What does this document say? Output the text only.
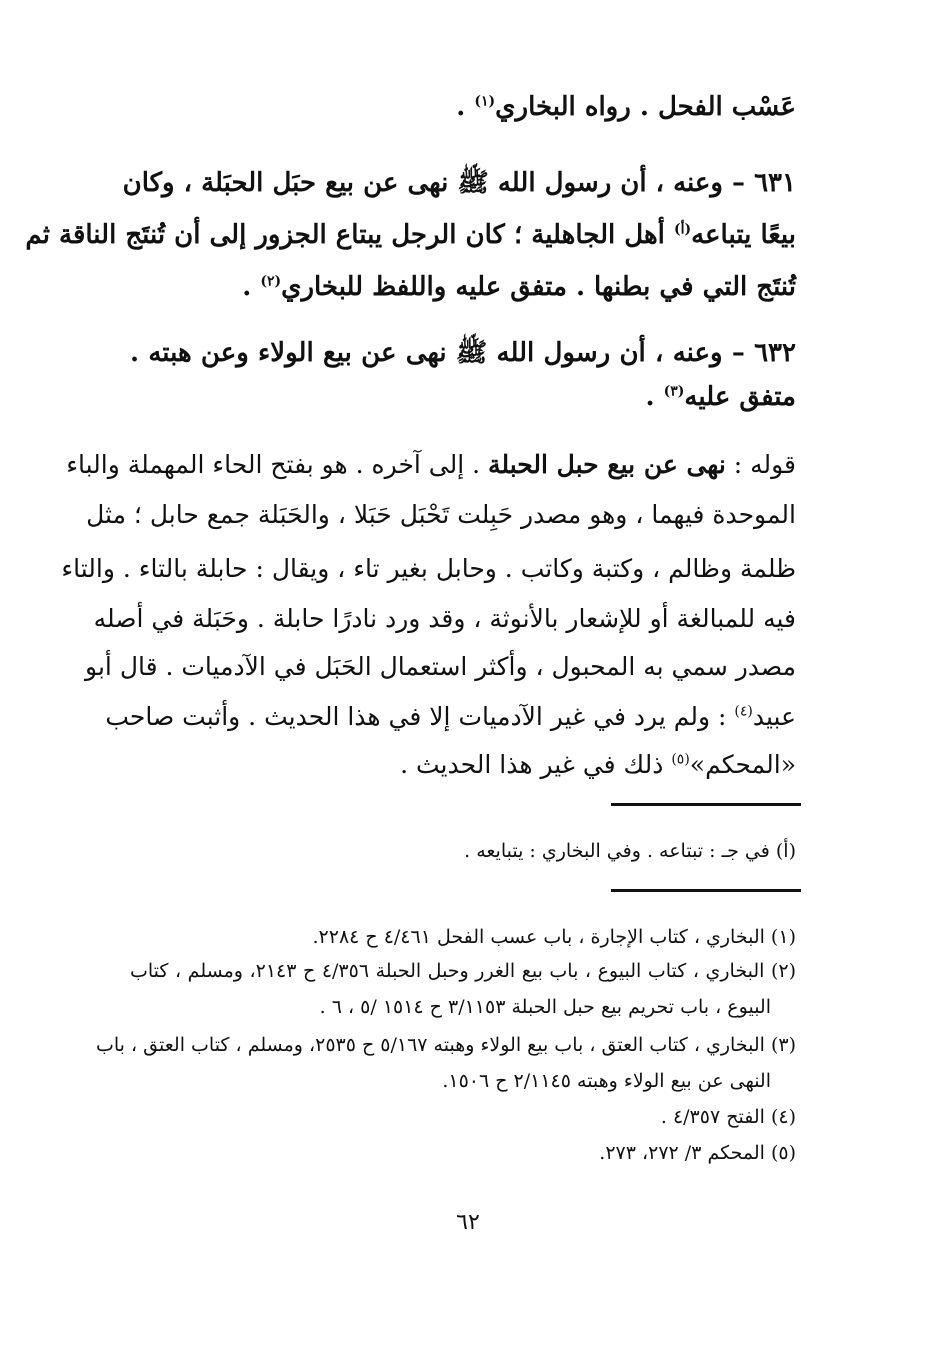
عَسْب الفحل . رواه البخاري$^{(١)}$ .
٦٣١ – وعنه ، أن رسول الله ﷺ نهى عن بيع حبَل الحبَلة ، وكان
بيعًا يتباعه$^{(أ)}$ أهل الجاهلية ؛ كان الرجل يبتاع الجزور إلى أن تُنتَج الناقة ثم
تُنتَج التي في بطنها . متفق عليه واللفظ للبخاري$^{(٢)}$ .
٦٣٢ – وعنه ، أن رسول الله ﷺ نهى عن بيع الولاء وعن هبته .
متفق عليه$^{(٣)}$ .
قوله : نهى عن بيع حبل الحبلة . إلى آخره . هو بفتح الحاء المهملة والباء
الموحدة فيهما ، وهو مصدر حَبِلت تَحْبَل حَبَلا ، والحَبَلة جمع حابل ؛ مثل
ظلمة وظالم ، وكتبة وكاتب . وحابل بغير تاء ، ويقال : حابلة بالتاء . والتاء
فيه للمبالغة أو للإشعار بالأنوثة ، وقد ورد نادرًا حابلة . وحَبَلة في أصله
مصدر سمي به المحبول ، وأكثر استعمال الحَبَل في الآدميات . قال أبو
عبيد$^{(٤)}$ : ولم يرد في غير الآدميات إلا في هذا الحديث . وأثبت صاحب
«المحكم»$^{(٥)}$ ذلك في غير هذا الحديث .
(أ) في جـ : تبتاعه . وفي البخاري : يتبايعه .
(١) البخاري ، كتاب الإجارة ، باب عسب الفحل ٤/٤٦١ ح ٢٢٨٤.
(٢) البخاري ، كتاب البيوع ، باب بيع الغرر وحبل الحبلة ٤/٣٥٦ ح ٢١٤٣، ومسلم ، كتاب
البيوع ، باب تحريم بيع حبل الحبلة ٣/١١٥٣ ح ١٥١٤ /٥ ، ٦ .
(٣) البخاري ، كتاب العتق ، باب بيع الولاء وهبته ٥/١٦٧ ح ٢٥٣٥، ومسلم ، كتاب العتق ، باب
النهى عن بيع الولاء وهبته ٢/١١٤٥ ح ١٥٠٦.
(٤) الفتح ٤/٣٥٧ .
(٥) المحكم ٣/ ٢٧٢، ٢٧٣.
٦٢
